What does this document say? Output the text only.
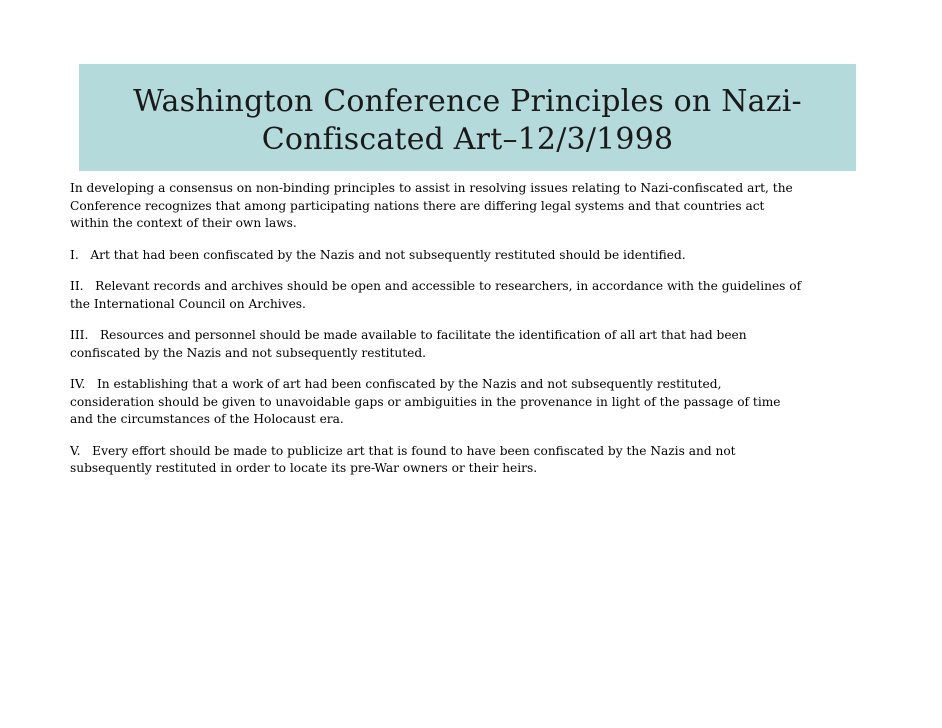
Washington Conference Principles on Nazi-
Confiscated Art–12/3/1998
In developing a consensus on non-binding principles to assist in resolving issues relating to Nazi-confiscated art, the
Conference recognizes that among participating nations there are differing legal systems and that countries act
within the context of their own laws.
I. Art that had been confiscated by the Nazis and not subsequently restituted should be identified.
II. Relevant records and archives should be open and accessible to researchers, in accordance with the guidelines of
the International Council on Archives.
III. Resources and personnel should be made available to facilitate the identification of all art that had been
confiscated by the Nazis and not subsequently restituted.
IV. In establishing that a work of art had been confiscated by the Nazis and not subsequently restituted,
consideration should be given to unavoidable gaps or ambiguities in the provenance in light of the passage of time
and the circumstances of the Holocaust era.
V. Every effort should be made to publicize art that is found to have been confiscated by the Nazis and not
subsequently restituted in order to locate its pre-War owners or their heirs.
